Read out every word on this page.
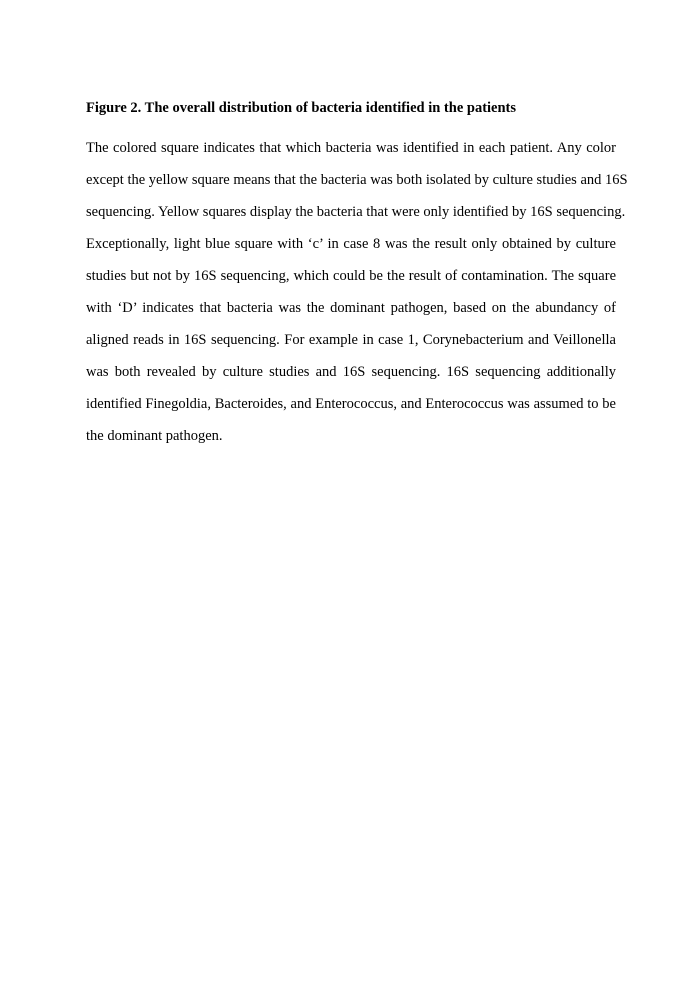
Figure 2. The overall distribution of bacteria identified in the patients

The colored square indicates that which bacteria was identified in each patient. Any color
except the yellow square means that the bacteria was both isolated by culture studies and 16S
sequencing. Yellow squares display the bacteria that were only identified by 16S sequencing.
Exceptionally, light blue square with ‘c’ in case 8 was the result only obtained by culture
studies but not by 16S sequencing, which could be the result of contamination. The square
with ‘D’ indicates that bacteria was the dominant pathogen, based on the abundancy of
aligned reads in 16S sequencing. For example in case 1, Corynebacterium and Veillonella
was both revealed by culture studies and 16S sequencing. 16S sequencing additionally
identified Finegoldia, Bacteroides, and Enterococcus, and Enterococcus was assumed to be
the dominant pathogen.
